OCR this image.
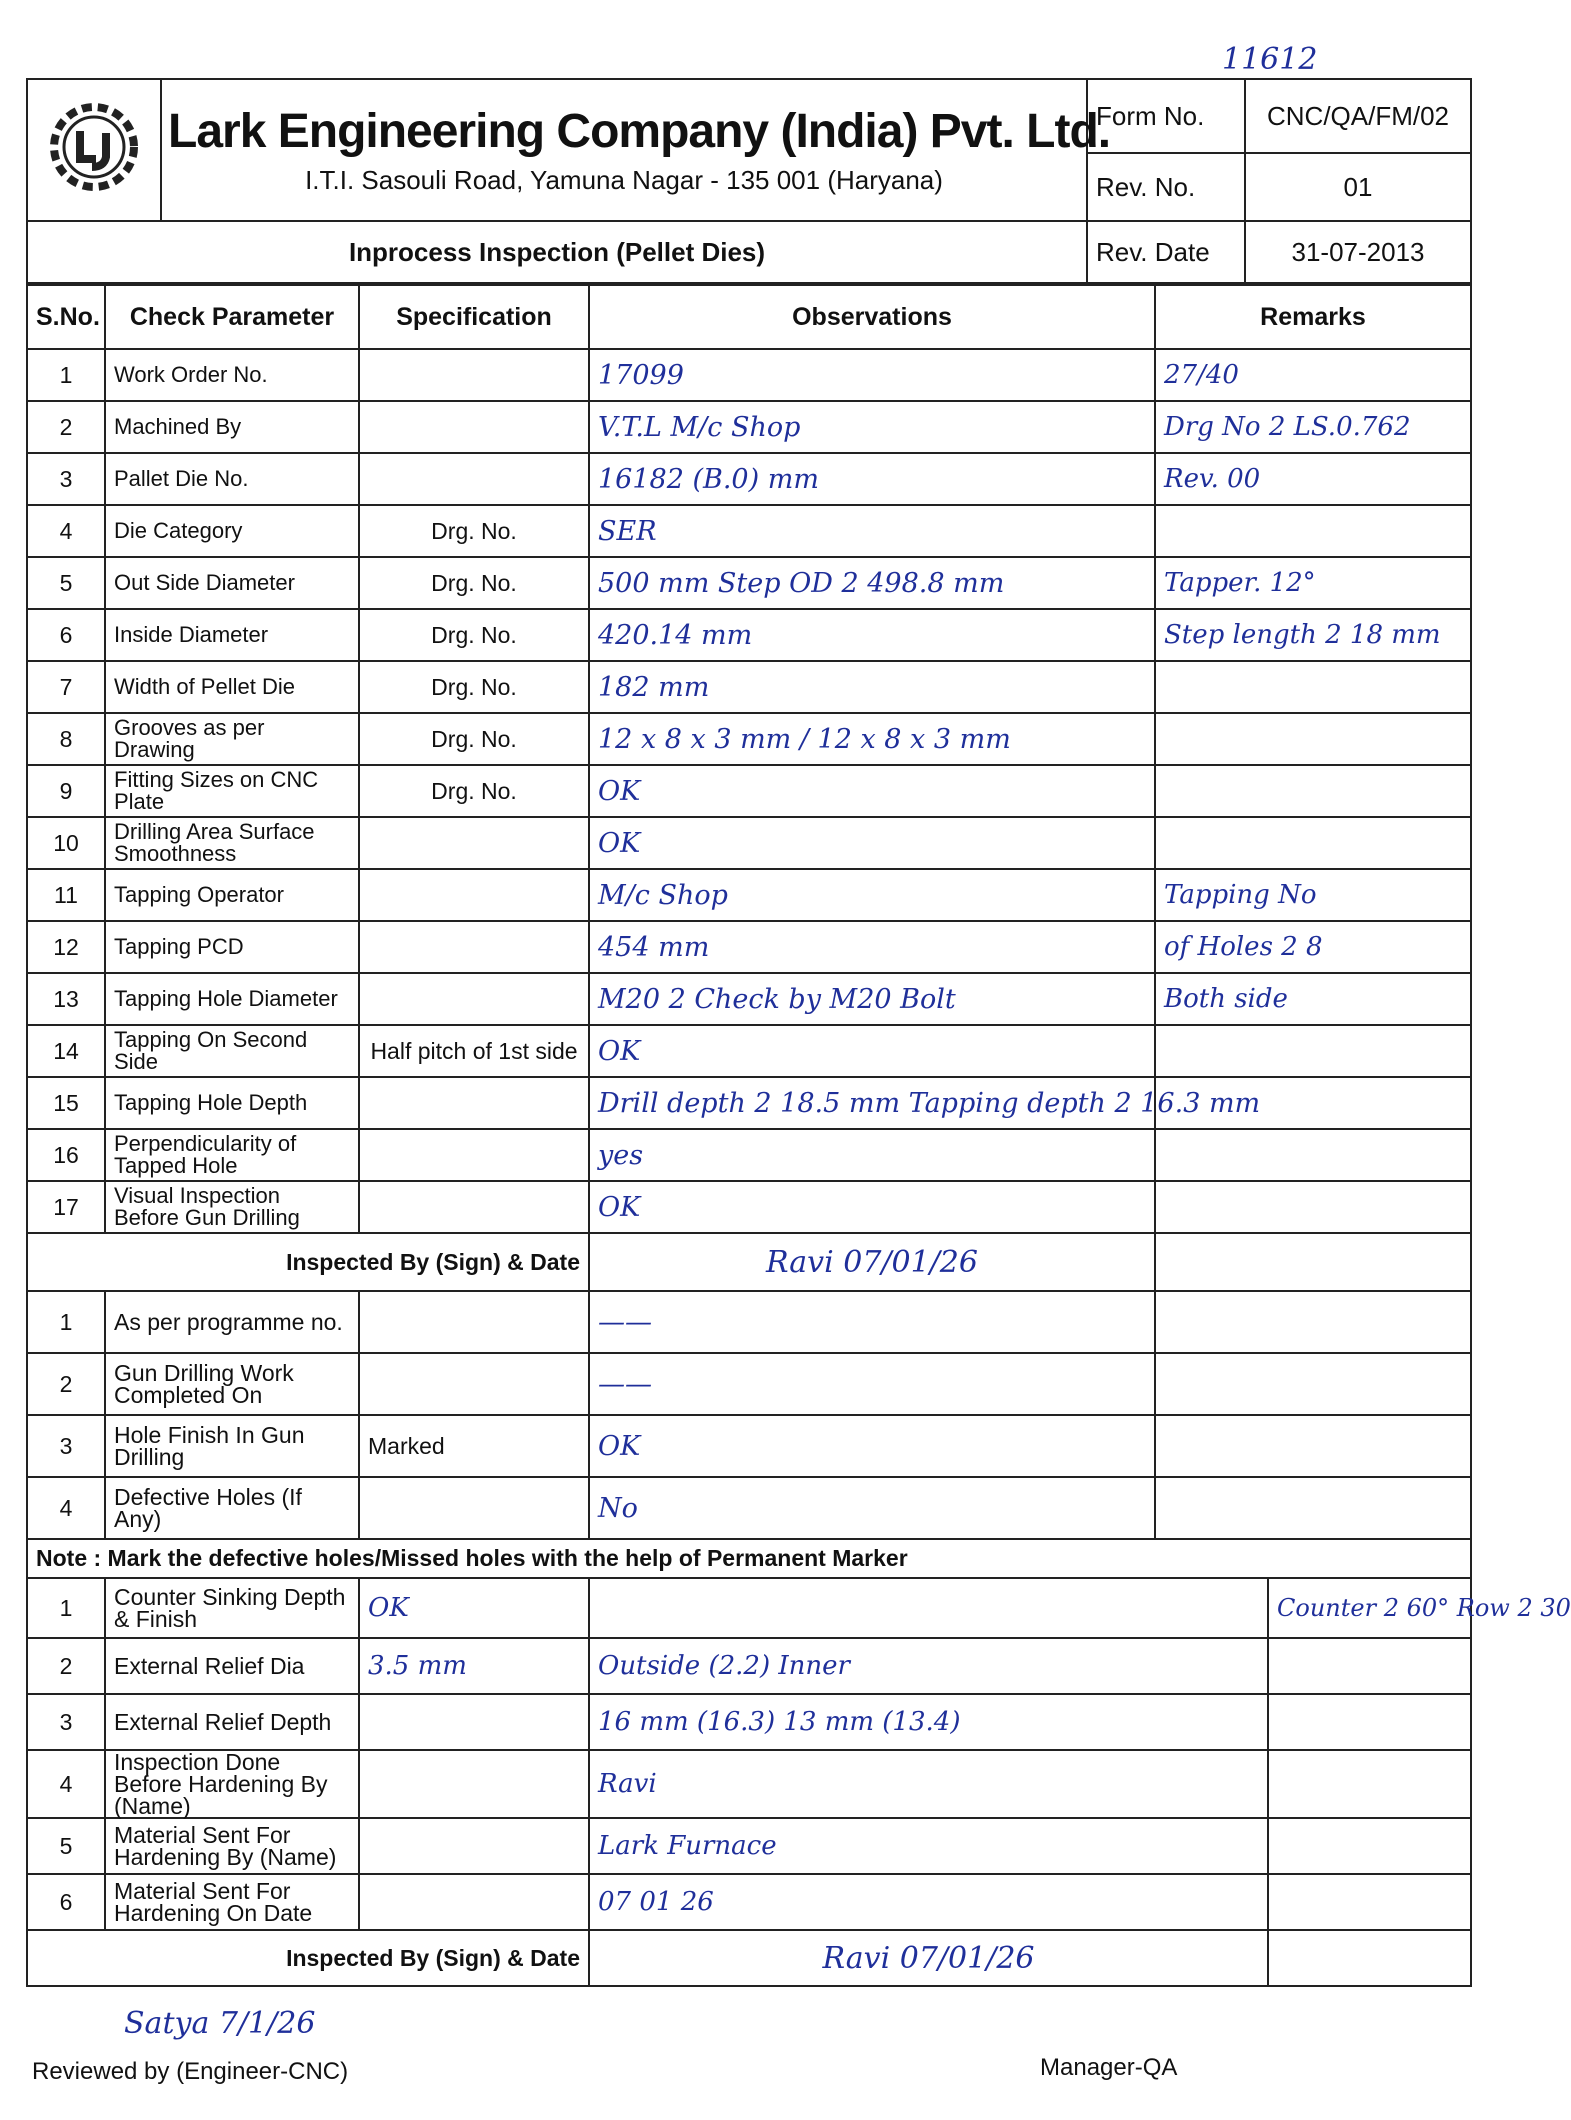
11612

Lark Engineering Company (India) Pvt. Ltd.
I.T.I. Sasouli Road, Yamuna Nagar - 135 001 (Haryana)	Form No.	CNC/QA/FM/02
		Rev. No.	01
Inprocess Inspection (Pellet Dies)		Rev. Date	31-07-2013
S.No.	Check Parameter	Specification	Observations	Remarks
1	Work Order No.		17099	27/40
2	Machined By		V.T.L M/c Shop	Drg No 2 LS.0.762
3	Pallet Die No.		16182 (B.0) mm	Rev. 00
4	Die Category	Drg. No.	SER	
5	Out Side Diameter	Drg. No.	500 mm Step OD 2 498.8 mm	Tapper. 12°
6	Inside Diameter	Drg. No.	420.14 mm	Step length 2 18 mm
7	Width of Pellet Die	Drg. No.	182 mm	
8	Grooves as per Drawing	Drg. No.	12 x 8 x 3 mm / 12 x 8 x 3 mm	
9	Fitting Sizes on CNC Plate	Drg. No.	OK	
10	Drilling Area Surface Smoothness		OK	
11	Tapping Operator		M/c Shop	Tapping No
12	Tapping PCD		454 mm	of Holes 2 8
13	Tapping Hole Diameter		M20 2 Check by M20 Bolt	Both side
14	Tapping On Second Side	Half pitch of 1st side	OK	
15	Tapping Hole Depth		Drill depth 2 18.5 mm Tapping depth 2 16.3 mm	
16	Perpendicularity of Tapped Hole		yes	
17	Visual Inspection Before Gun Drilling		OK	
Inspected By (Sign) & Date			Ravi 07/01/26	
1	As per programme no.		——	
2	Gun Drilling Work Completed On		——	
3	Hole Finish In Gun Drilling	Marked	OK	
4	Defective Holes (If Any)		No	
Note : Mark the defective holes/Missed holes with the help of Permanent Marker				
1	Counter Sinking Depth & Finish	OK		Counter 2 60° Row 2 30
2	External Relief Dia	3.5 mm	Outside (2.2) Inner	
3	External Relief Depth		16 mm (16.3) 13 mm (13.4)	
4	Inspection Done Before Hardening By (Name)		Ravi	
5	Material Sent For Hardening By (Name)		Lark Furnace	
6	Material Sent For Hardening On Date		07 01 26	
Inspected By (Sign) & Date			Ravi 07/01/26	
Satya 7/1/26
Reviewed by (Engineer-CNC)	Manager-QA
